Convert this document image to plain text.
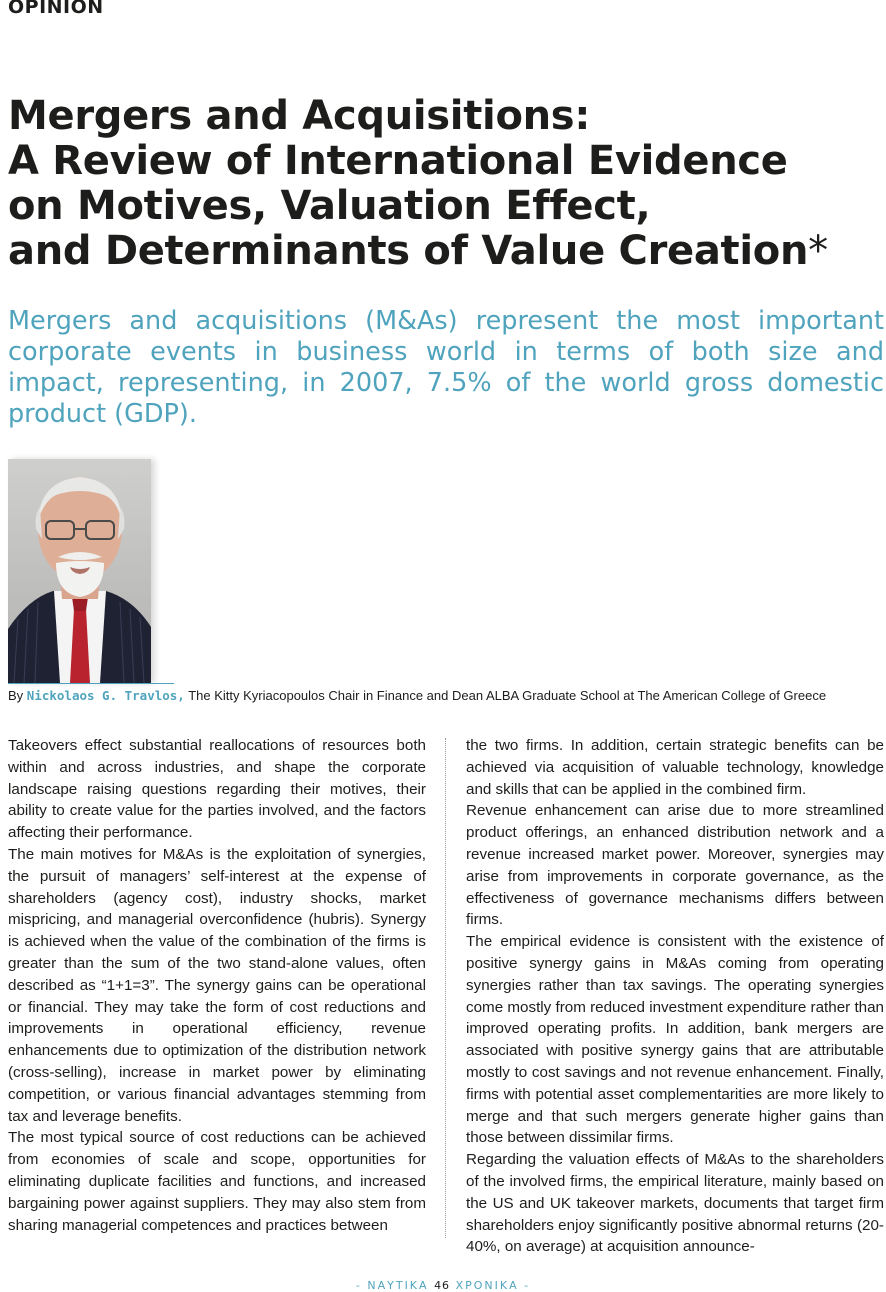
OPINION
Mergers and Acquisitions:
A Review of International Evidence
on Motives, Valuation Effect,
and Determinants of Value Creation*

Mergers and acquisitions (M&As) represent the most important corporate events in business world in terms of both size and impact, representing, in 2007, 7.5% of the world gross domestic product (GDP).

By Nickolaos G. Travlos, The Kitty Kyriacopoulos Chair in Finance and Dean ALBA Graduate School at The American College of Greece

Takeovers effect substantial reallocations of resources both within and across industries, and shape the corporate landscape raising questions regarding their motives, their ability to create value for the parties involved, and the factors affecting their performance.

The main motives for M&As is the exploitation of synergies, the pursuit of managers’ self-interest at the expense of shareholders (agency cost), industry shocks, market mispricing, and managerial overconfidence (hubris). Synergy is achieved when the value of the combination of the firms is greater than the sum of the two stand-alone values, often described as “1+1=3”. The synergy gains can be operational or financial. They may take the form of cost reductions and improvements in operational efficiency, revenue enhancements due to optimization of the distribution network (cross-selling), increase in market power by eliminating competition, or various financial advantages stemming from tax and leverage benefits.

The most typical source of cost reductions can be achieved from economies of scale and scope, opportunities for eliminating duplicate facilities and functions, and increased bargaining power against suppliers. They may also stem from sharing managerial competences and practices between

the two firms. In addition, certain strategic benefits can be achieved via acquisition of valuable technology, knowledge and skills that can be applied in the combined firm.

Revenue enhancement can arise due to more streamlined product offerings, an enhanced distribution network and a revenue increased market power. Moreover, synergies may arise from improvements in corporate governance, as the effectiveness of governance mechanisms differs between firms.

The empirical evidence is consistent with the existence of positive synergy gains in M&As coming from operating synergies rather than tax savings. The operating synergies come mostly from reduced investment expenditure rather than improved operating profits. In addition, bank mergers are associated with positive synergy gains that are attributable mostly to cost savings and not revenue enhancement. Finally, firms with potential asset complementarities are more likely to merge and that such mergers generate higher gains than those between dissimilar firms.

Regarding the valuation effects of M&As to the shareholders of the involved firms, the empirical literature, mainly based on the US and UK takeover markets, documents that target firm shareholders enjoy significantly positive abnormal returns (20-40%, on average) at acquisition announce-

- ΝΑΥΤΙΚΑ 46 ΧΡΟΝΙΚΑ -
